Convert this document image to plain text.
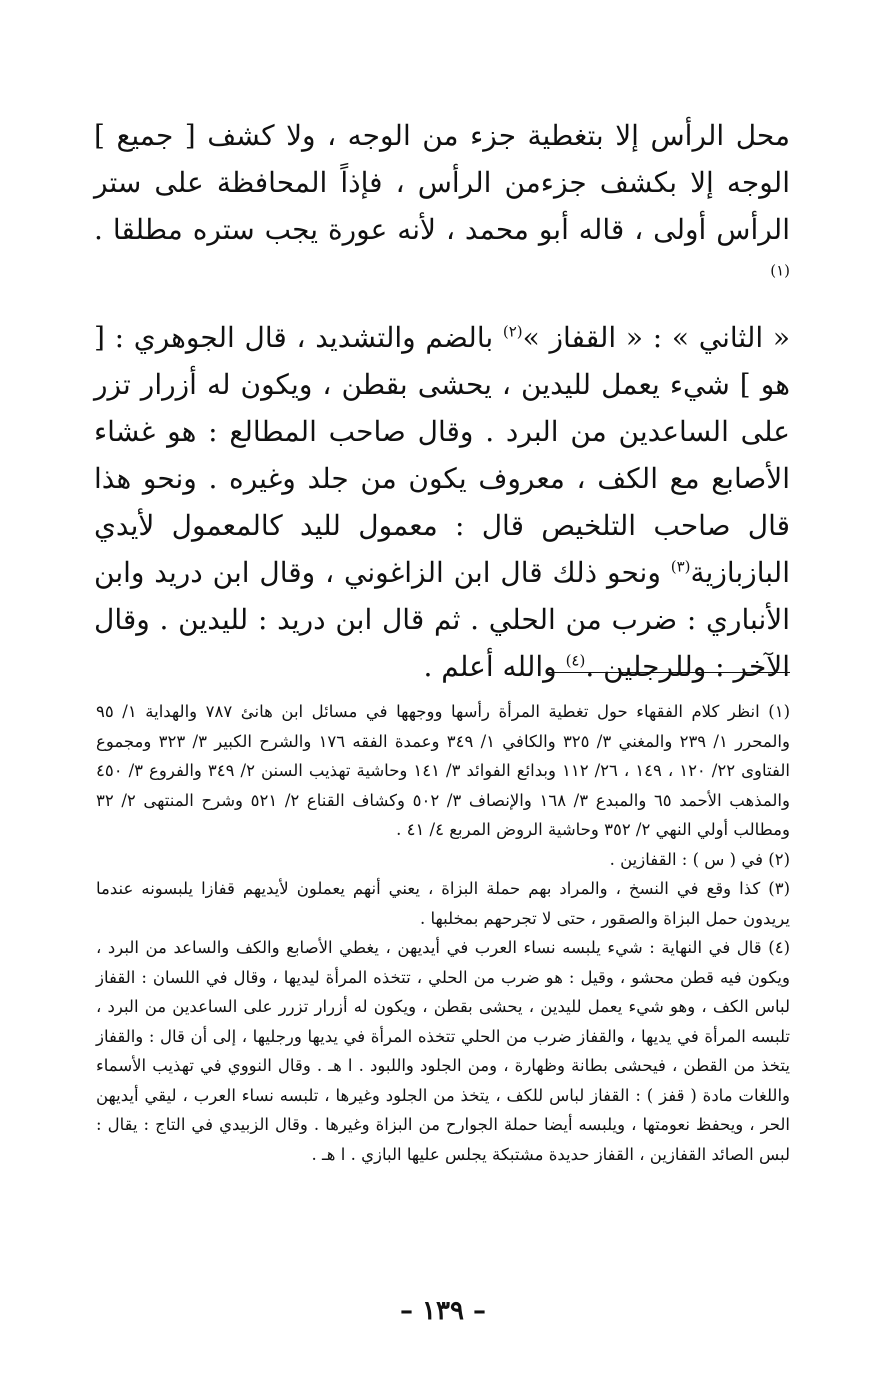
محل الرأس إلا بتغطية جزء من الوجه ، ولا كشف [ جميع ] الوجه إلا بكشف جزءمن الرأس ، فإذاً المحافظة على ستر الرأس أولى ، قاله أبو محمد ، لأنه عورة يجب ستره مطلقا .$^{(١)}$

« الثاني » : « القفاز »$^{(٢)}$ بالضم والتشديد ، قال الجوهري : [ هو ] شيء يعمل لليدين ، يحشى بقطن ، ويكون له أزرار تزر على الساعدين من البرد . وقال صاحب المطالع : هو غشاء الأصابع مع الكف ، معروف يكون من جلد وغيره . ونحو هذا قال صاحب التلخيص قال : معمول لليد كالمعمول لأيدي البازبازية$^{(٣)}$ ونحو ذلك قال ابن الزاغوني ، وقال ابن دريد وابن الأنباري : ضرب من الحلي . ثم قال ابن دريد : لليدين . وقال الآخر : وللرجلين .$^{(٤)}$ والله أعلم .

(١) انظر كلام الفقهاء حول تغطية المرأة رأسها ووجهها في مسائل ابن هانئ ٧٨٧ والهداية ١/ ٩٥ والمحرر ١/ ٢٣٩ والمغني ٣/ ٣٢٥ والكافي ١/ ٣٤٩ وعمدة الفقه ١٧٦ والشرح الكبير ٣/ ٣٢٣ ومجموع الفتاوى ٢٢/ ١٢٠ ، ١٤٩ ، ٢٦/ ١١٢ وبدائع الفوائد ٣/ ١٤١ وحاشية تهذيب السنن ٢/ ٣٤٩ والفروع ٣/ ٤٥٠ والمذهب الأحمد ٦٥ والمبدع ٣/ ١٦٨ والإنصاف ٣/ ٥٠٢ وكشاف القناع ٢/ ٥٢١ وشرح المنتهى ٢/ ٣٢ ومطالب أولي النهي ٢/ ٣٥٢ وحاشية الروض المربع ٤/ ٤١ .

(٢) في ( س ) : القفازين .

(٣) كذا وقع في النسخ ، والمراد بهم حملة البزاة ، يعني أنهم يعملون لأيديهم قفازا يلبسونه عندما يريدون حمل البزاة والصقور ، حتى لا تجرحهم بمخلبها .

(٤) قال في النهاية : شيء يلبسه نساء العرب في أيديهن ، يغطي الأصابع والكف والساعد من البرد ، ويكون فيه قطن محشو ، وقيل : هو ضرب من الحلي ، تتخذه المرأة ليديها ، وقال في اللسان : القفاز لباس الكف ، وهو شيء يعمل لليدين ، يحشى بقطن ، ويكون له أزرار تزرر على الساعدين من البرد ، تلبسه المرأة في يديها ، والقفاز ضرب من الحلي تتخذه المرأة في يديها ورجليها ، إلى أن قال : والقفاز يتخذ من القطن ، فيحشى بطانة وظهارة ، ومن الجلود واللبود . ا هـ . وقال النووي في تهذيب الأسماء واللغات مادة ( قفز ) : القفاز لباس للكف ، يتخذ من الجلود وغيرها ، تلبسه نساء العرب ، ليقي أيديهن الحر ، ويحفظ نعومتها ، ويلبسه أيضا حملة الجوارح من البزاة وغيرها . وقال الزبيدي في التاج : يقال : لبس الصائد القفازين ، القفاز حديدة مشتبكة يجلس عليها البازي . ا هـ .

– ١٣٩ –
